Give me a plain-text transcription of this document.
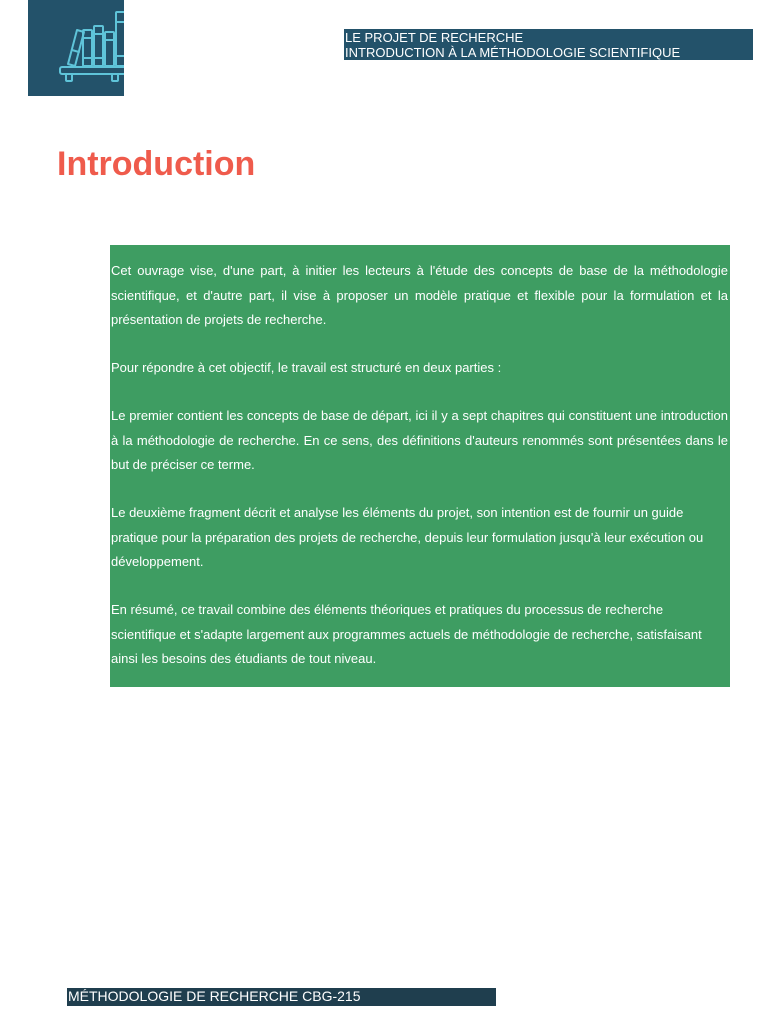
LE PROJET DE RECHERCHE
INTRODUCTION À LA MÉTHODOLOGIE SCIENTIFIQUE
Introduction

Cet ouvrage vise, d'une part, à initier les lecteurs à l'étude des concepts de base de la méthodologie scientifique, et d'autre part, il vise à proposer un modèle pratique et flexible pour la formulation et la présentation de projets de recherche.

Pour répondre à cet objectif, le travail est structuré en deux parties :

Le premier contient les concepts de base de départ, ici il y a sept chapitres qui constituent une introduction à la méthodologie de recherche. En ce sens, des définitions d'auteurs renommés sont présentées dans le but de préciser ce terme.

Le deuxième fragment décrit et analyse les éléments du projet, son intention est de fournir un guide pratique pour la préparation des projets de recherche, depuis leur formulation jusqu'à leur exécution ou développement.

En résumé, ce travail combine des éléments théoriques et pratiques du processus de recherche scientifique et s'adapte largement aux programmes actuels de méthodologie de recherche, satisfaisant ainsi les besoins des étudiants de tout niveau.

MÉTHODOLOGIE DE RECHERCHE CBG-215
